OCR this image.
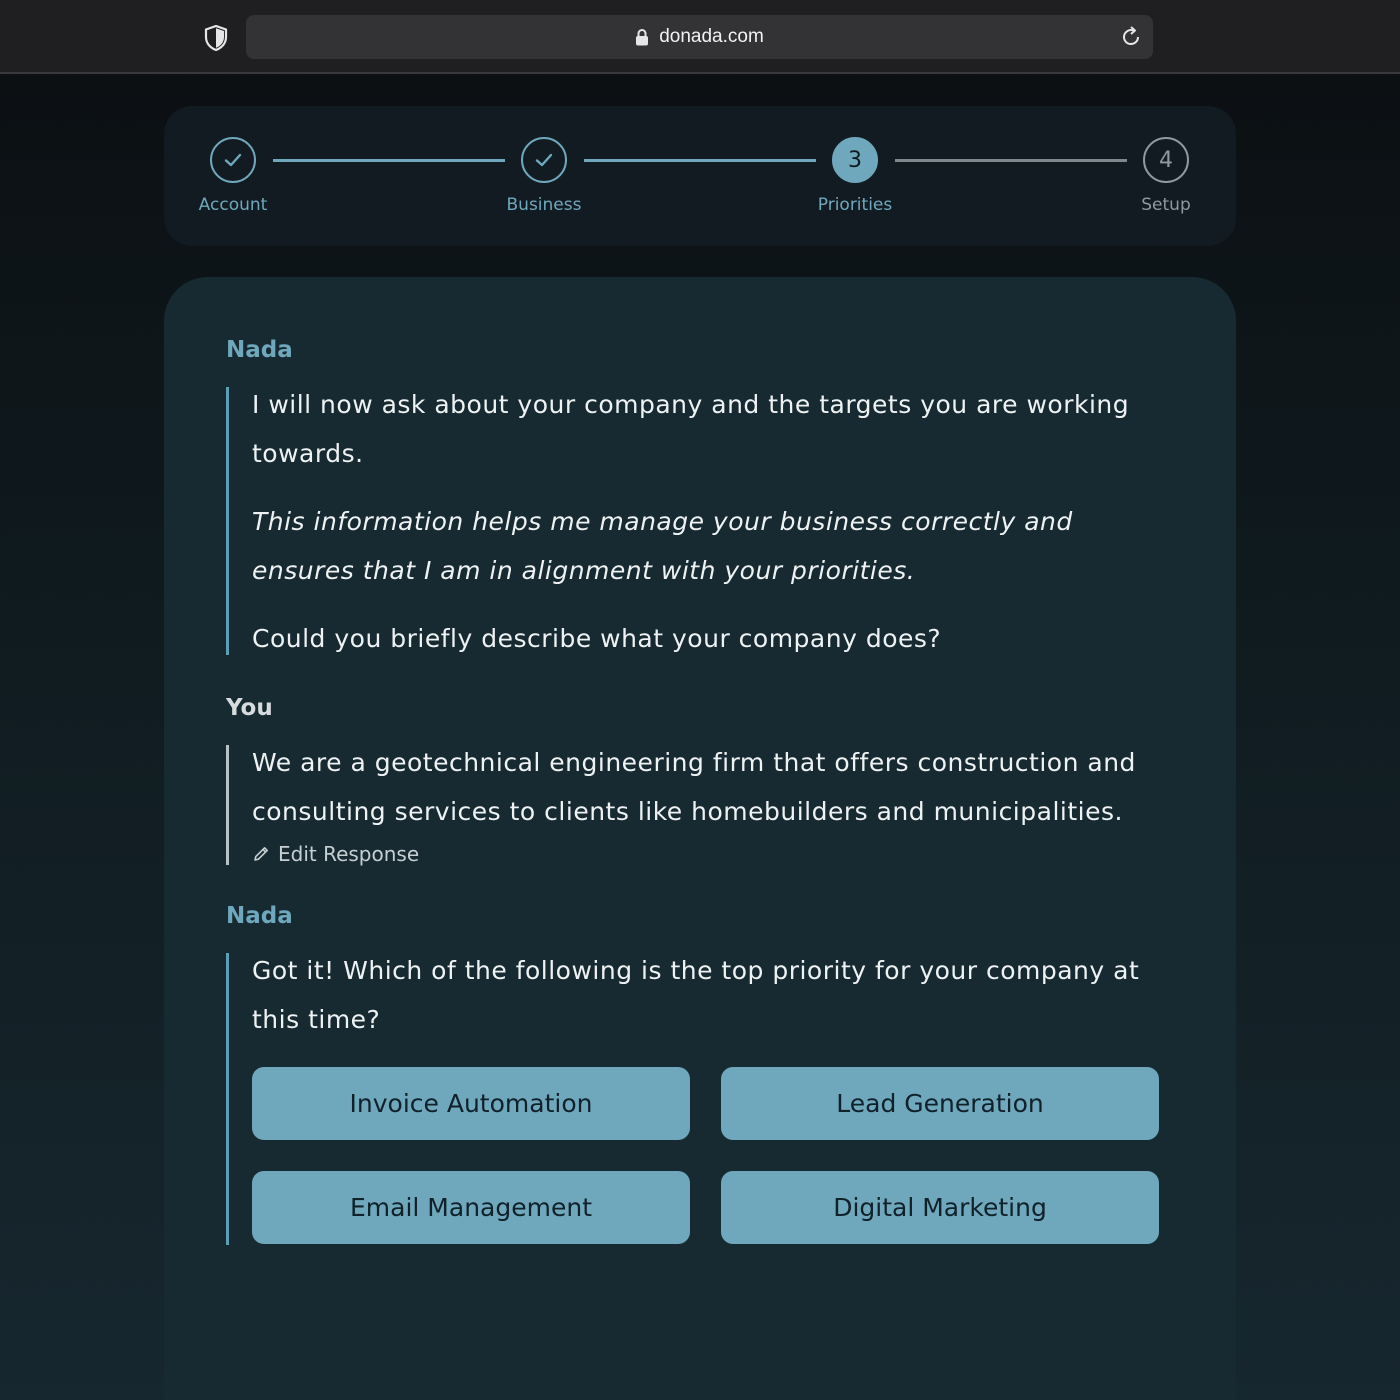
donada.com
Account	Business
3
Priorities
4
Setup
Nada

I will now ask about your company and the targets you are working towards.

This information helps me manage your business correctly and ensures that I am in alignment with your priorities.

Could you briefly describe what your company does?

You

We are a geotechnical engineering firm that offers construction and consulting services to clients like homebuilders and municipalities.

Edit Response
Nada

Got it! Which of the following is the top priority for your company at this time?

Invoice Automation	Lead Generation
Email Management	Digital Marketing
